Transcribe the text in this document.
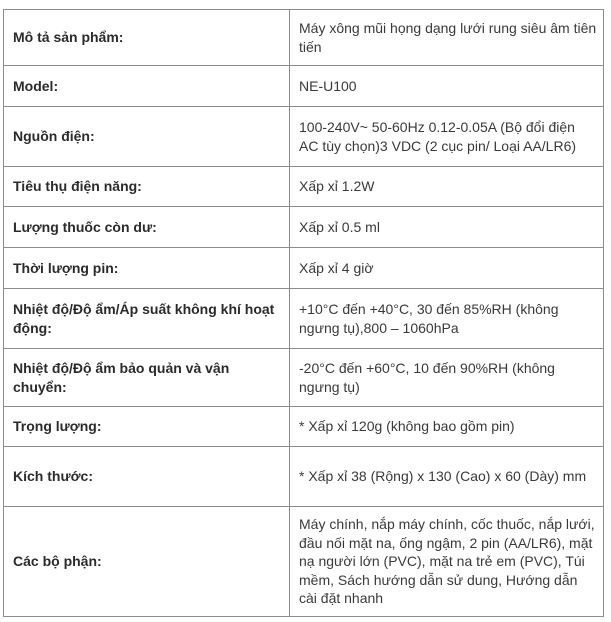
Mô tả sản phẩm:	Máy xông mũi họng dạng lưới rung siêu âm tiên tiến
Model:	NE-U100
Nguồn điện:	100-240V~ 50-60Hz 0.12-0.05A (Bộ đổi điện AC tùy chọn)3 VDC (2 cục pin/ Loại AA/LR6)
Tiêu thụ điện năng:	Xấp xỉ 1.2W
Lượng thuốc còn dư:	Xấp xỉ 0.5 ml
Thời lượng pin:	Xấp xỉ 4 giờ
Nhiệt độ/Độ ẩm/Áp suất không khí hoạt động:	+10°C đến +40°C, 30 đến 85%RH (không ngưng tụ),800 – 1060hPa
Nhiệt độ/Độ ẩm bảo quản và vận chuyển:	-20°C đến +60°C, 10 đến 90%RH (không ngưng tụ)
Trọng lượng:	* Xấp xỉ 120g (không bao gồm pin)
Kích thước:	* Xấp xỉ 38 (Rộng) x 130 (Cao) x 60 (Dày) mm
Các bộ phận:	Máy chính, nắp máy chính, cốc thuốc, nắp lưới, đầu nối mặt na, ống ngậm, 2 pin (AA/LR6), mặt nạ người lớn (PVC), mặt na trẻ em (PVC), Túi mềm, Sách hướng dẫn sử dung, Hướng dẫn cài đặt nhanh
